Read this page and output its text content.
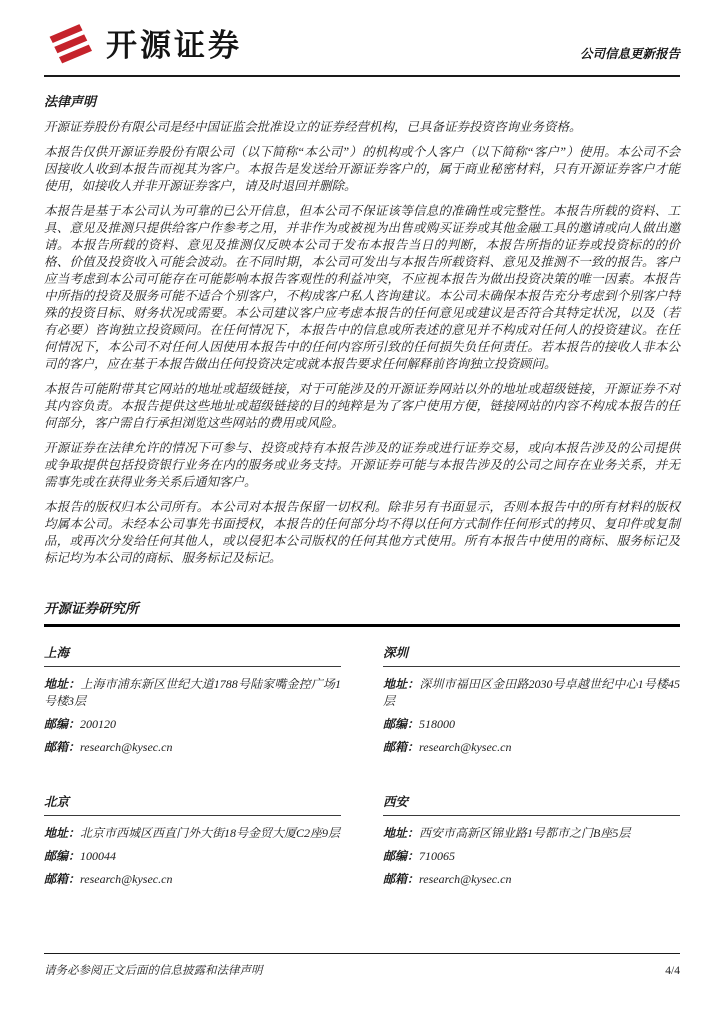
开源证券	公司信息更新报告
法律声明

开源证券股份有限公司是经中国证监会批准设立的证券经营机构，已具备证券投资咨询业务资格。

本报告仅供开源证券股份有限公司（以下简称“本公司”）的机构或个人客户（以下简称“客户”）使用。本公司不会因接收人收到本报告而视其为客户。本报告是发送给开源证券客户的，属于商业秘密材料，只有开源证券客户才能使用，如接收人并非开源证券客户，请及时退回并删除。

本报告是基于本公司认为可靠的已公开信息，但本公司不保证该等信息的准确性或完整性。本报告所载的资料、工具、意见及推测只提供给客户作参考之用，并非作为或被视为出售或购买证券或其他金融工具的邀请或向人做出邀请。本报告所载的资料、意见及推测仅反映本公司于发布本报告当日的判断，本报告所指的证券或投资标的的价格、价值及投资收入可能会波动。在不同时期，本公司可发出与本报告所载资料、意见及推测不一致的报告。客户应当考虑到本公司可能存在可能影响本报告客观性的利益冲突，不应视本报告为做出投资决策的唯一因素。本报告中所指的投资及服务可能不适合个别客户，不构成客户私人咨询建议。本公司未确保本报告充分考虑到个别客户特殊的投资目标、财务状况或需要。本公司建议客户应考虑本报告的任何意见或建议是否符合其特定状况，以及（若有必要）咨询独立投资顾问。在任何情况下，本报告中的信息或所表述的意见并不构成对任何人的投资建议。在任何情况下，本公司不对任何人因使用本报告中的任何内容所引致的任何损失负任何责任。若本报告的接收人非本公司的客户，应在基于本报告做出任何投资决定或就本报告要求任何解释前咨询独立投资顾问。

本报告可能附带其它网站的地址或超级链接，对于可能涉及的开源证券网站以外的地址或超级链接，开源证券不对其内容负责。本报告提供这些地址或超级链接的目的纯粹是为了客户使用方便，链接网站的内容不构成本报告的任何部分，客户需自行承担浏览这些网站的费用或风险。

开源证券在法律允许的情况下可参与、投资或持有本报告涉及的证券或进行证券交易，或向本报告涉及的公司提供或争取提供包括投资银行业务在内的服务或业务支持。开源证券可能与本报告涉及的公司之间存在业务关系，并无需事先或在获得业务关系后通知客户。

本报告的版权归本公司所有。本公司对本报告保留一切权利。除非另有书面显示，否则本报告中的所有材料的版权均属本公司。未经本公司事先书面授权，本报告的任何部分均不得以任何方式制作任何形式的拷贝、复印件或复制品，或再次分发给任何其他人，或以侵犯本公司版权的任何其他方式使用。所有本报告中使用的商标、服务标记及标记均为本公司的商标、服务标记及标记。

开源证券研究所
上海
地址：上海市浦东新区世纪大道1788号陆家嘴金控广场1号楼3层
邮编：200120
邮箱：research@kysec.cn
深圳
地址：深圳市福田区金田路2030号卓越世纪中心1号楼45层
邮编：518000
邮箱：research@kysec.cn
北京
地址：北京市西城区西直门外大街18号金贸大厦C2座9层
邮编：100044
邮箱：research@kysec.cn
西安
地址：西安市高新区锦业路1号都市之门B座5层
邮编：710065
邮箱：research@kysec.cn
请务必参阅正文后面的信息披露和法律声明	4/4
